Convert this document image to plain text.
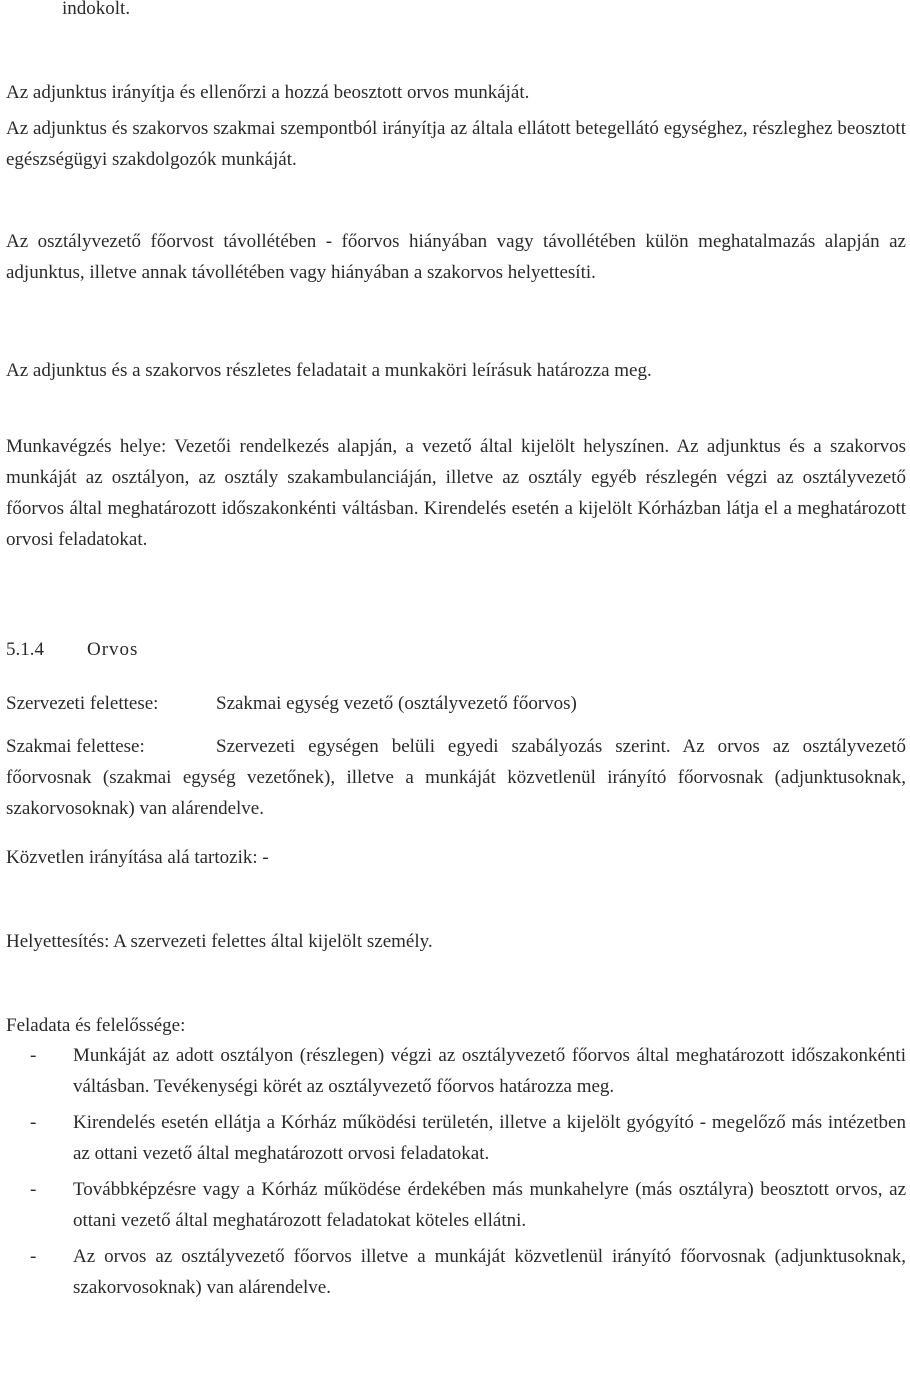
indokolt.

Az adjunktus irányítja és ellenőrzi a hozzá beosztott orvos munkáját.

Az adjunktus és szakorvos szakmai szempontból irányítja az általa ellátott betegellátó egységhez, részleghez beosztott egészségügyi szakdolgozók munkáját.

Az osztályvezető főorvost távollétében - főorvos hiányában vagy távollétében külön meghatalmazás alapján az adjunktus, illetve annak távollétében vagy hiányában a szakorvos helyettesíti.

Az adjunktus és a szakorvos részletes feladatait a munkaköri leírásuk határozza meg.

Munkavégzés helye: Vezetői rendelkezés alapján, a vezető által kijelölt helyszínen. Az adjunktus és a szakorvos munkáját az osztályon, az osztály szakambulanciáján, illetve az osztály egyéb részlegén végzi az osztályvezető főorvos által meghatározott időszakonkénti váltásban. Kirendelés esetén a kijelölt Kórházban látja el a meghatározott orvosi feladatokat.

5.1.4 Orvos
Szervezeti felettese:	Szakmai egység vezető (osztályvezető főorvos)
Szakmai felettese:	Szervezeti egységen belüli egyedi szabályozás szerint. Az orvos az osztályvezető főorvosnak (szakmai egység vezetőnek), illetve a munkáját közvetlenül irányító főorvosnak (adjunktusoknak, szakorvosoknak) van alárendelve.

Közvetlen irányítása alá tartozik: -

Helyettesítés: A szervezeti felettes által kijelölt személy.

Feladata és felelőssége:

- Munkáját az adott osztályon (részlegen) végzi az osztályvezető főorvos által meghatározott időszakonkénti váltásban. Tevékenységi körét az osztályvezető főorvos határozza meg.
- Kirendelés esetén ellátja a Kórház működési területén, illetve a kijelölt gyógyító - megelőző más intézetben az ottani vezető által meghatározott orvosi feladatokat.
- Továbbképzésre vagy a Kórház működése érdekében más munkahelyre (más osztályra) beosztott orvos, az ottani vezető által meghatározott feladatokat köteles ellátni.
- Az orvos az osztályvezető főorvos illetve a munkáját közvetlenül irányító főorvosnak (adjunktusoknak, szakorvosoknak) van alárendelve.
